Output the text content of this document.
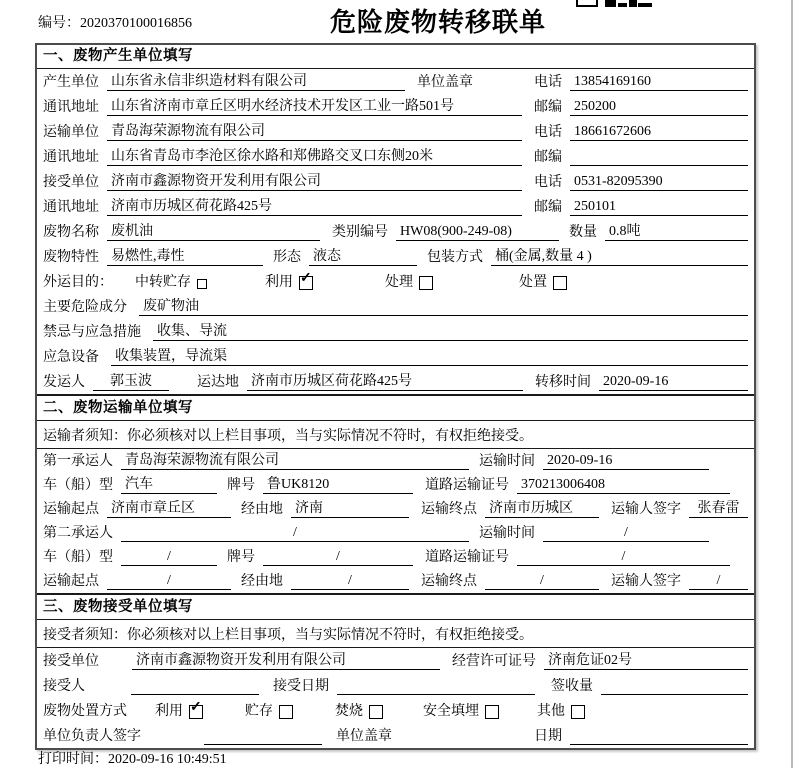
编号：2020370100016856	危险废物转移联单
一、废物产生单位填写
产生单位 山东省永信非织造材料有限公司	单位盖章	电话 13854169160
通讯地址 山东省济南市章丘区明水经济技术开发区工业一路501号	邮编 250200
运输单位 青岛海荣源物流有限公司	电话 18661672606
通讯地址 山东省青岛市李沧区徐水路和郑佛路交叉口东侧20米	邮编
接受单位 济南市鑫源物资开发利用有限公司	电话 0531-82095390
通讯地址 济南市历城区荷花路425号	邮编 250101
废物名称 废机油	类别编号 HW08(900-249-08)	数量 0.8吨
废物特性 易燃性,毒性	形态 液态	包装方式 桶(金属,数量 4 )
外运目的： 中转贮存	利用 ✓	处理	处置
主要危险成分 废矿物油
禁忌与应急措施 收集、导流
应急设备 收集装置，导流渠
发运人	郭玉波	运达地 济南市历城区荷花路425号	转移时间 2020-09-16
二、废物运输单位填写
运输者须知：你必须核对以上栏目事项，当与实际情况不符时，有权拒绝接受。
第一承运人 青岛海荣源物流有限公司	运输时间 2020-09-16
车（船）型 汽车	牌号 鲁UK8120	道路运输证号 370213006408
运输起点 济南市章丘区	经由地 济南	运输终点 济南市历城区	运输人签字	张春雷
第二承运人	/	运输时间	/
车（船）型	/	牌号	/	道路运输证号	/
运输起点	/	经由地	/	运输终点	/	运输人签字	/
三、废物接受单位填写
接受者须知：你必须核对以上栏目事项，当与实际情况不符时，有权拒绝接受。
接受单位	济南市鑫源物资开发利用有限公司	经营许可证号 济南危证02号
接受人	接受日期	签收量
废物处置方式 利用 ✓	贮存	焚烧	安全填埋	其他
单位负责人签字	单位盖章	日期
打印时间：2020-09-16 10:49:51
